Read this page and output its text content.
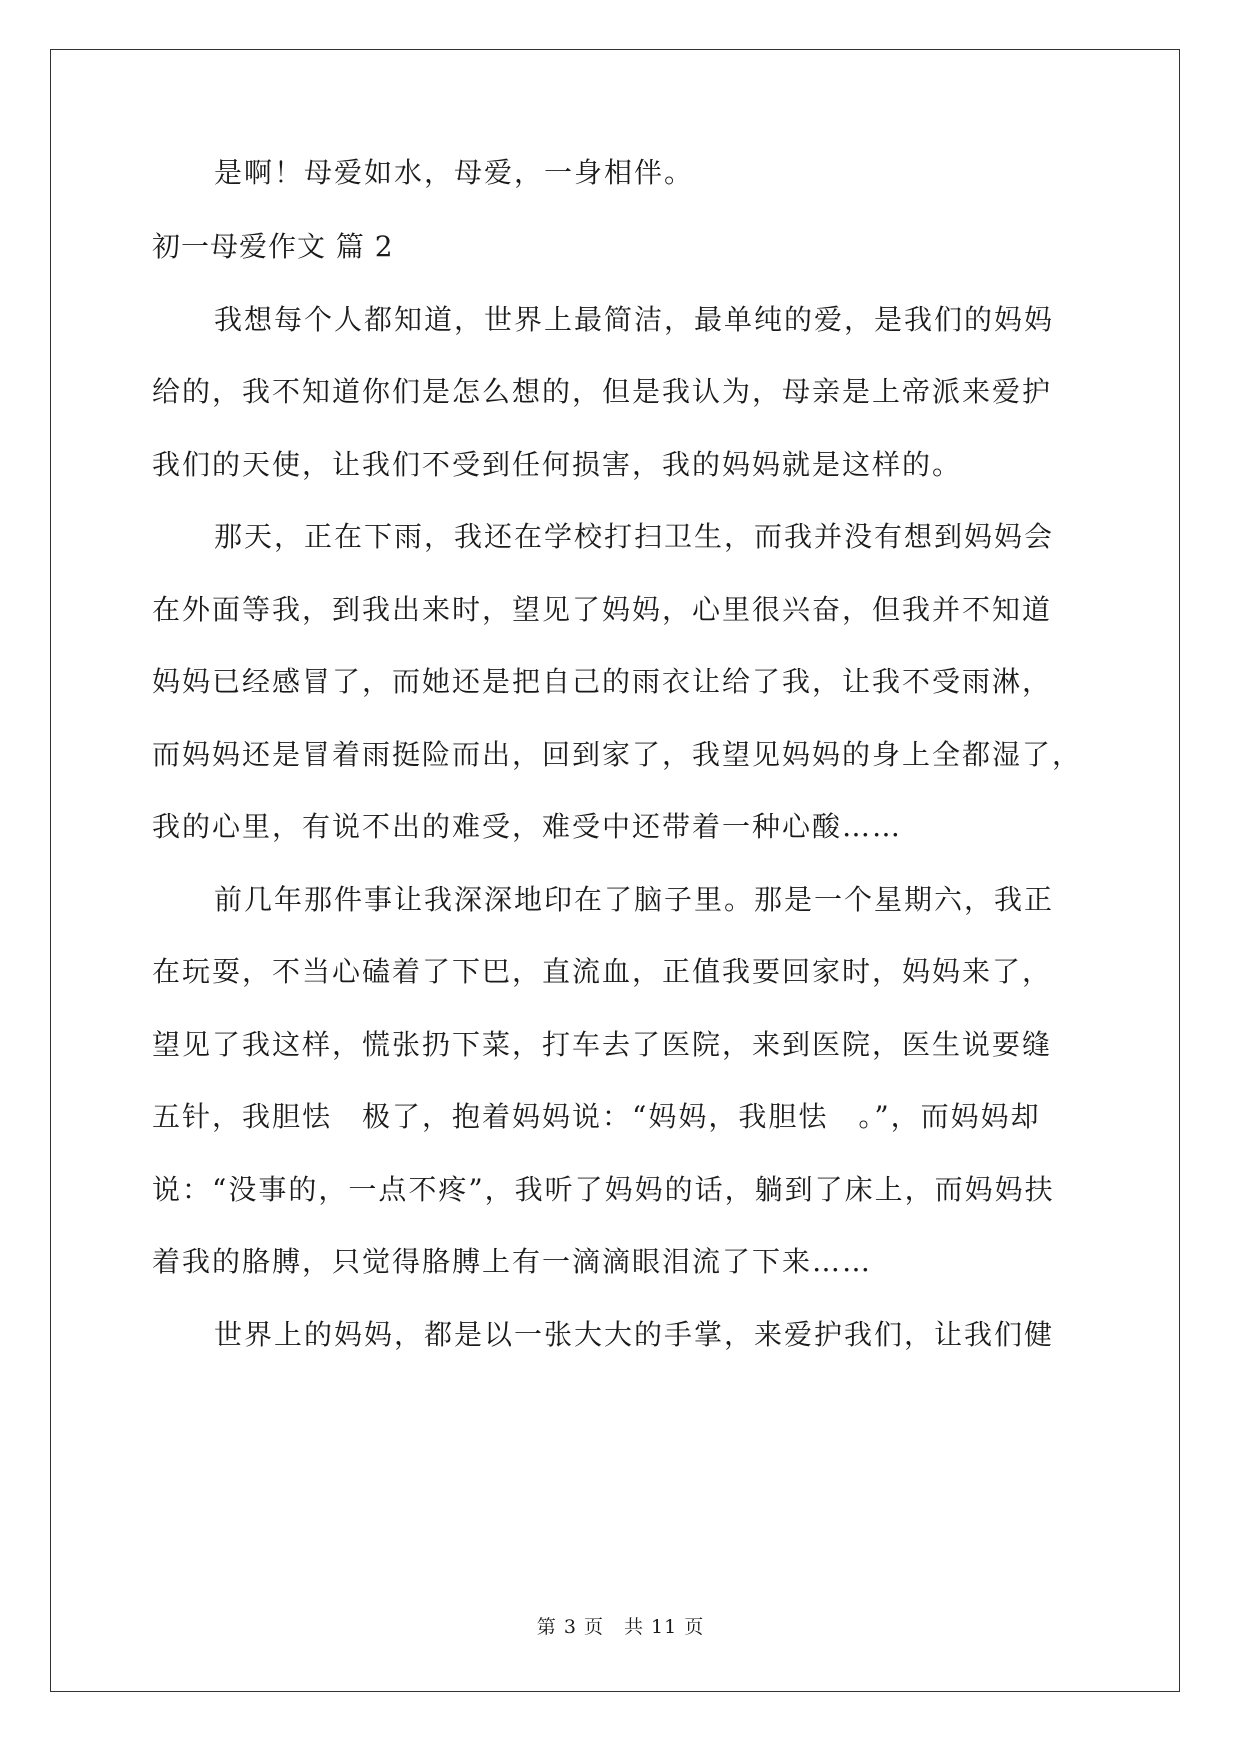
是啊！母爱如水，母爱，一身相伴。
初一母爱作文 篇 2
我想每个人都知道，世界上最简洁，最单纯的爱，是我们的妈妈
给的，我不知道你们是怎么想的，但是我认为，母亲是上帝派来爱护
我们的天使，让我们不受到任何损害，我的妈妈就是这样的。
那天，正在下雨，我还在学校打扫卫生，而我并没有想到妈妈会
在外面等我，到我出来时，望见了妈妈，心里很兴奋，但我并不知道
妈妈已经感冒了，而她还是把自己的雨衣让给了我，让我不受雨淋，
而妈妈还是冒着雨挺险而出，回到家了，我望见妈妈的身上全都湿了，
我的心里，有说不出的难受，难受中还带着一种心酸……
前几年那件事让我深深地印在了脑子里。那是一个星期六，我正
在玩耍，不当心磕着了下巴，直流血，正值我要回家时，妈妈来了，
望见了我这样，慌张扔下菜，打车去了医院，来到医院，医生说要缝
五针，我胆怯　极了，抱着妈妈说：“妈妈，我胆怯　。”，而妈妈却
说：“没事的，一点不疼”，我听了妈妈的话，躺到了床上，而妈妈扶
着我的胳膊，只觉得胳膊上有一滴滴眼泪流了下来……
世界上的妈妈，都是以一张大大的手掌，来爱护我们，让我们健
第 3 页　共 11 页
